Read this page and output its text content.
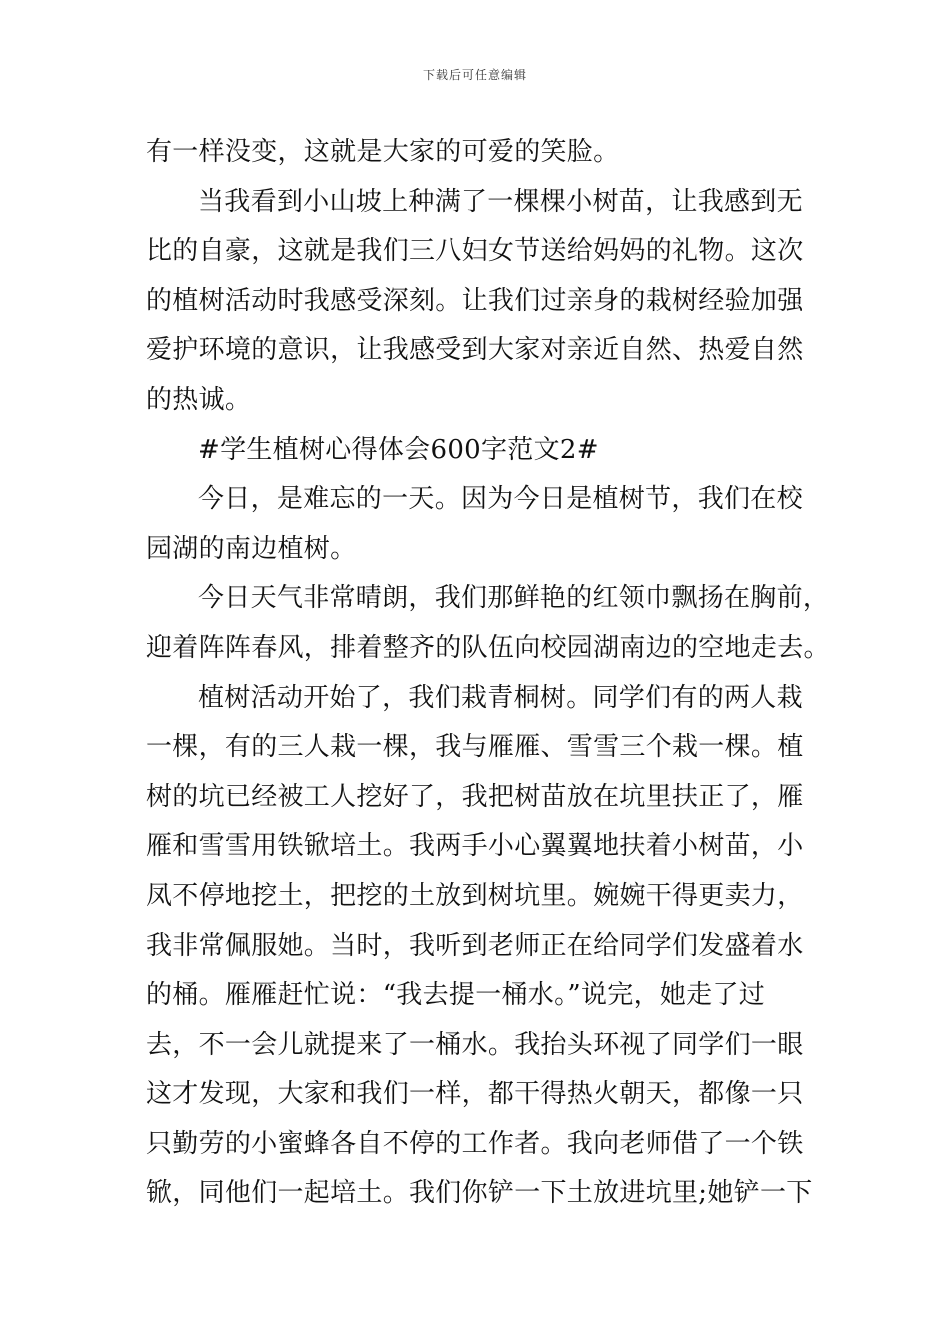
下载后可任意编辑
有一样没变，这就是大家的可爱的笑脸。
当我看到小山坡上种满了一棵棵小树苗，让我感到无
比的自豪，这就是我们三八妇女节送给妈妈的礼物。这次
的植树活动时我感受深刻。让我们过亲身的栽树经验加强
爱护环境的意识，让我感受到大家对亲近自然、热爱自然
的热诚。
#学生植树心得体会600字范文2#
今日，是难忘的一天。因为今日是植树节，我们在校
园湖的南边植树。
今日天气非常晴朗，我们那鲜艳的红领巾飘扬在胸前，
迎着阵阵春风，排着整齐的队伍向校园湖南边的空地走去。
植树活动开始了，我们栽青桐树。同学们有的两人栽
一棵，有的三人栽一棵，我与雁雁、雪雪三个栽一棵。植
树的坑已经被工人挖好了，我把树苗放在坑里扶正了，雁
雁和雪雪用铁锨培土。我两手小心翼翼地扶着小树苗，小
凤不停地挖土，把挖的土放到树坑里。婉婉干得更卖力，
我非常佩服她。当时，我听到老师正在给同学们发盛着水
的桶。雁雁赶忙说：“我去提一桶水。”说完，她走了过
去，不一会儿就提来了一桶水。我抬头环视了同学们一眼
这才发现，大家和我们一样，都干得热火朝天，都像一只
只勤劳的小蜜蜂各自不停的工作者。我向老师借了一个铁
锨，同他们一起培土。我们你铲一下土放进坑里;她铲一下
